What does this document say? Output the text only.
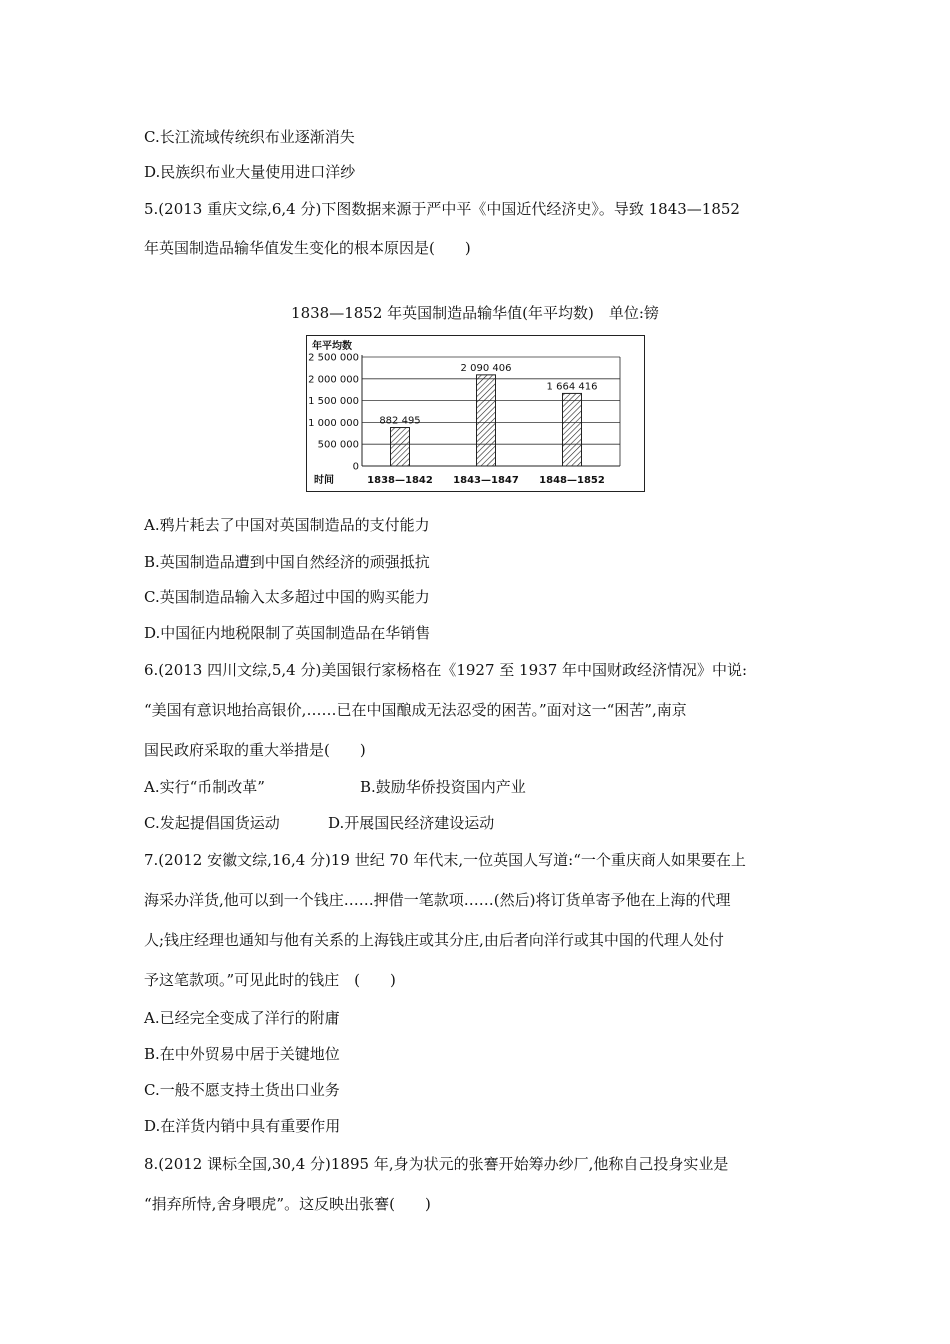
C.长江流域传统织布业逐渐消失
D.民族织布业大量使用进口洋纱
5.(2013 重庆文综,6,4 分)下图数据来源于严中平《中国近代经济史》。导致 1843—1852
年英国制造品输华值发生变化的根本原因是(　　)
1838—1852 年英国制造品输华值(年平均数)　单位:镑
年平均数
时间
0
500 000
1 000 000
1 500 000
2 000 000
2 500 000
882 495
1838—1842
2 090 406
1843—1847
1 664 416
1848—1852
A.鸦片耗去了中国对英国制造品的支付能力
B.英国制造品遭到中国自然经济的顽强抵抗
C.英国制造品输入太多超过中国的购买能力
D.中国征内地税限制了英国制造品在华销售
6.(2013 四川文综,5,4 分)美国银行家杨格在《1927 至 1937 年中国财政经济情况》中说:
“美国有意识地抬高银价,……已在中国酿成无法忍受的困苦。”面对这一“困苦”,南京
国民政府采取的重大举措是(　　)
A.实行“币制改革”	B.鼓励华侨投资国内产业
C.发起提倡国货运动	D.开展国民经济建设运动
7.(2012 安徽文综,16,4 分)19 世纪 70 年代末,一位英国人写道:“一个重庆商人如果要在上
海采办洋货,他可以到一个钱庄……押借一笔款项……(然后)将订货单寄予他在上海的代理
人;钱庄经理也通知与他有关系的上海钱庄或其分庄,由后者向洋行或其中国的代理人处付
予这笔款项。”可见此时的钱庄　(　　)
A.已经完全变成了洋行的附庸
B.在中外贸易中居于关键地位
C.一般不愿支持土货出口业务
D.在洋货内销中具有重要作用
8.(2012 课标全国,30,4 分)1895 年,身为状元的张謇开始筹办纱厂,他称自己投身实业是
“捐弃所恃,舍身喂虎”。这反映出张謇(　　)
